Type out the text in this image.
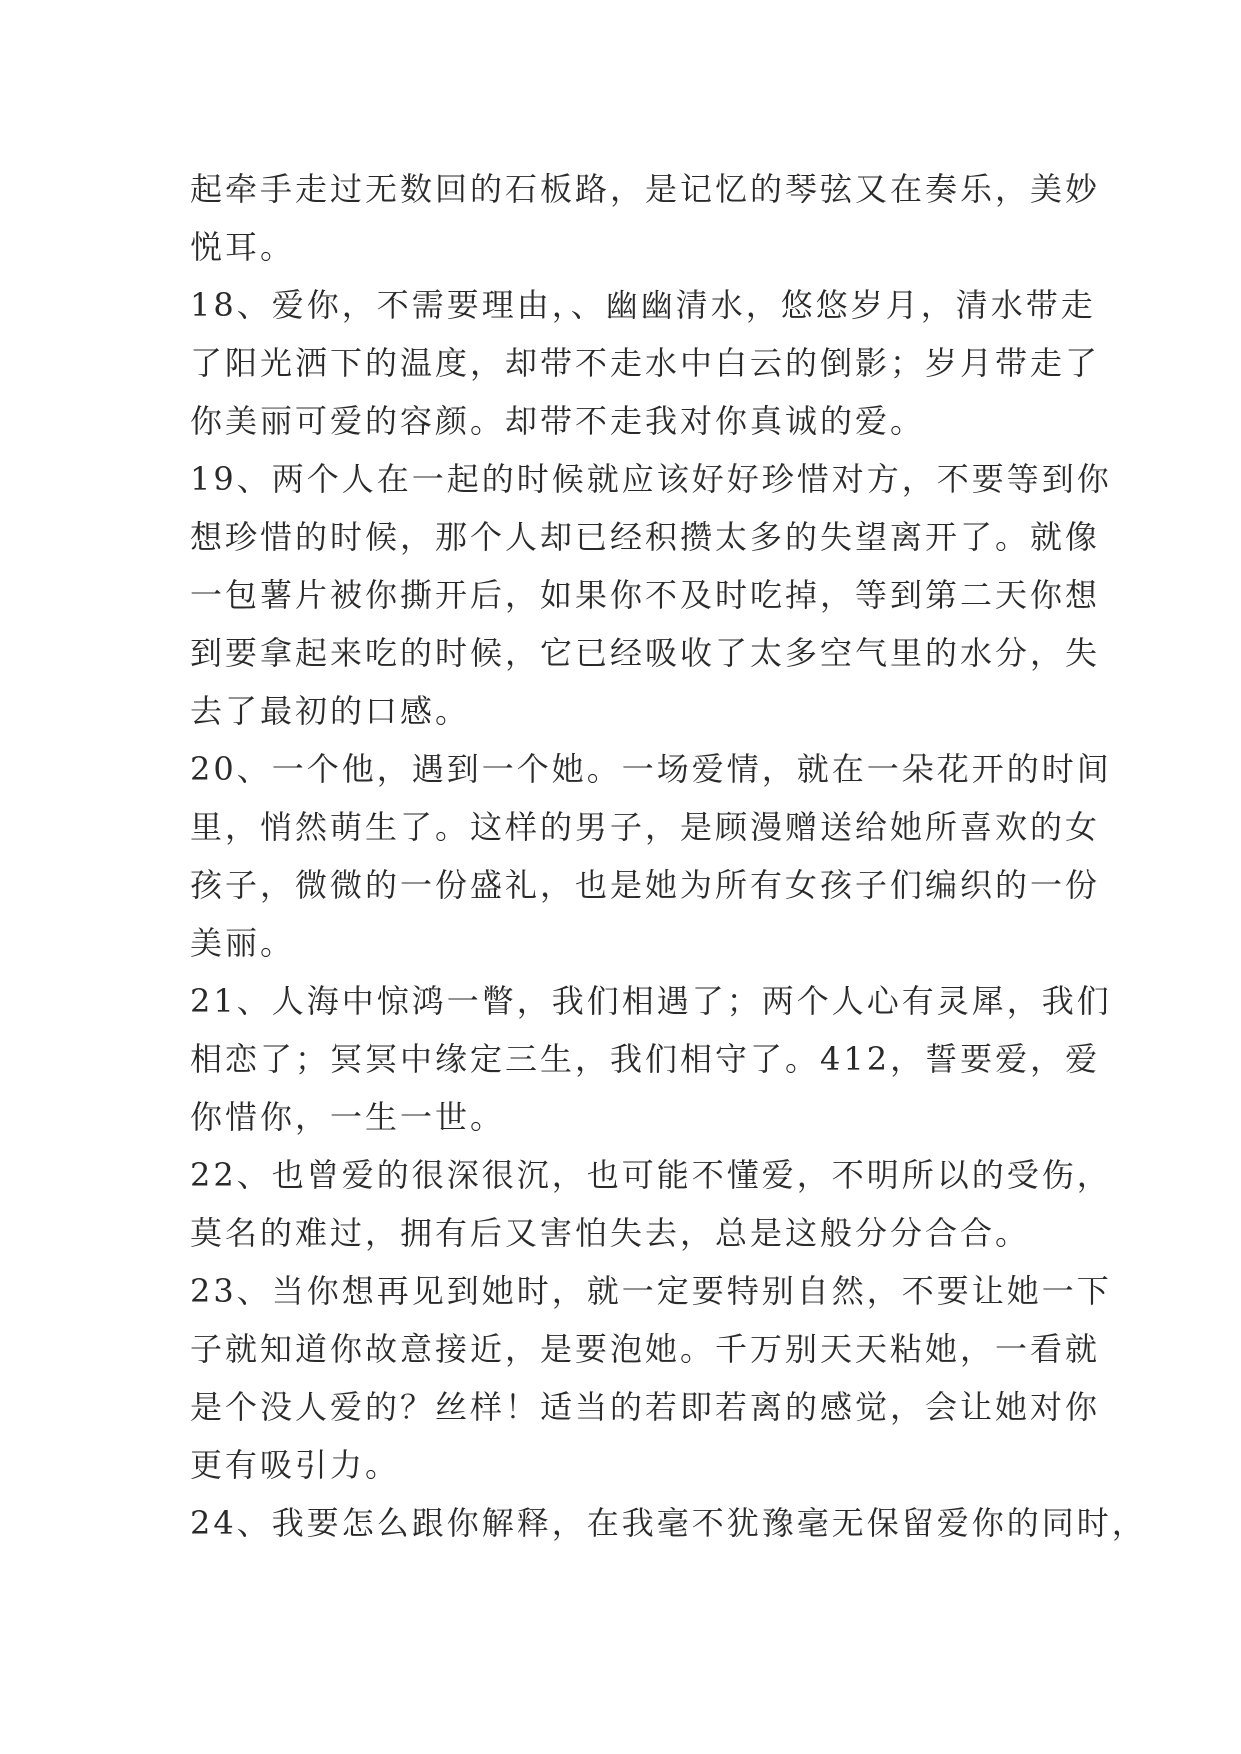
起牵手走过无数回的石板路，是记忆的琴弦又在奏乐，美妙
悦耳。
18、爱你，不需要理由，、幽幽清水，悠悠岁月，清水带走
了阳光洒下的温度，却带不走水中白云的倒影；岁月带走了
你美丽可爱的容颜。却带不走我对你真诚的爱。
19、两个人在一起的时候就应该好好珍惜对方，不要等到你
想珍惜的时候，那个人却已经积攒太多的失望离开了。就像
一包薯片被你撕开后，如果你不及时吃掉，等到第二天你想
到要拿起来吃的时候，它已经吸收了太多空气里的水分，失
去了最初的口感。
20、一个他，遇到一个她。一场爱情，就在一朵花开的时间
里，悄然萌生了。这样的男子，是顾漫赠送给她所喜欢的女
孩子，微微的一份盛礼，也是她为所有女孩子们编织的一份
美丽。
21、人海中惊鸿一瞥，我们相遇了；两个人心有灵犀，我们
相恋了；冥冥中缘定三生，我们相守了。412，誓要爱，爱
你惜你，一生一世。
22、也曾爱的很深很沉，也可能不懂爱，不明所以的受伤，
莫名的难过，拥有后又害怕失去，总是这般分分合合。
23、当你想再见到她时，就一定要特别自然，不要让她一下
子就知道你故意接近，是要泡她。千万别天天粘她，一看就
是个没人爱的？丝样！适当的若即若离的感觉，会让她对你
更有吸引力。
24、我要怎么跟你解释，在我毫不犹豫毫无保留爱你的同时，
